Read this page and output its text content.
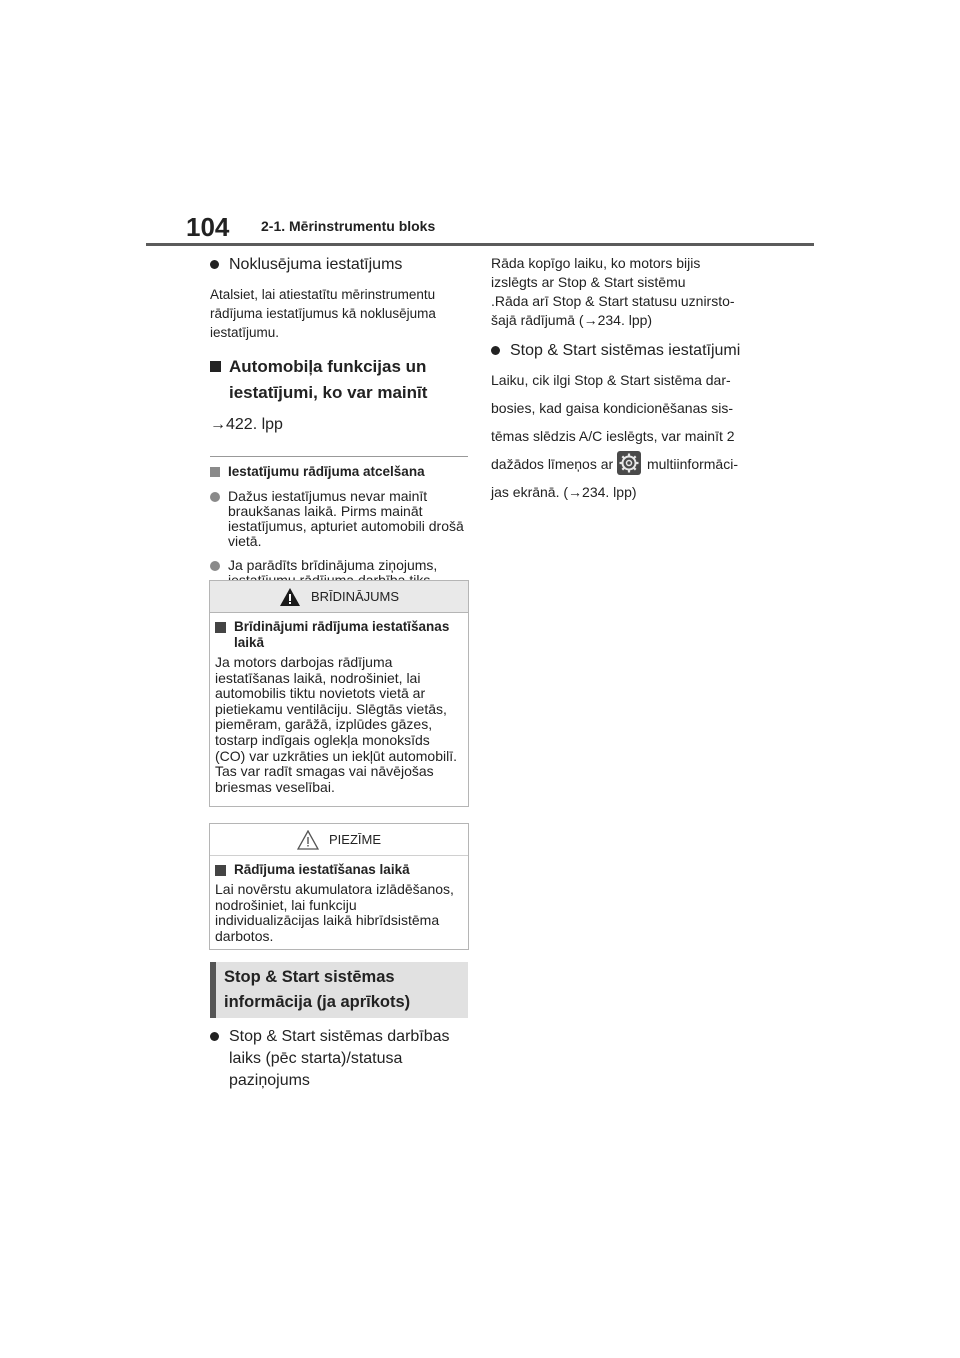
104 2-1. Mērinstrumentu bloks
Noklusējuma iestatījums
Atalsiet, lai atiestatītu mērinstrumentu rādījuma iestatījumus kā noklusējuma iestatījumu.
Automobiļa funkcijas un iestatījumi, ko var mainīt
→422. lpp
Iestatījumu rādījuma atcelšana
Dažus iestatījumus nevar mainīt braukšanas laikā. Pirms maināt iestatījumus, apturiet automobili drošā vietā.
Ja parādīts brīdinājuma ziņojums,
BRĪDINĀJUMS
Brīdinājumi rādījuma iestatīšanas laikā
Ja motors darbojas rādījuma iestatīšanas laikā, nodrošiniet, lai automobilis tiktu novietots vietā ar pietiekamu ventilāciju. Slēgtās vietās, piemēram, garāžā, izplūdes gāzes, tostarp indīgais oglekļa monoksīds (CO) var uzkrāties un iekļūt automobilī. Tas var radīt smagas vai nāvējošas briesmas veselībai.
PIEZĪME
Rādījuma iestatīšanas laikā
Lai novērstu akumulatora izlādēšanos, nodrošiniet, lai funkciju individualizācijas laikā hibrīdsistēma darbotos.
Stop & Start sistēmas informācija (ja aprīkots)
Stop & Start sistēmas darbības laiks (pēc starta)/statusa paziņojums
Rāda kopīgo laiku, ko motors bijis
izslēgts ar Stop & Start sistēmu
.Rāda arī Stop & Start statusu uznirsto-
šajā rādījumā (→234. lpp)
Stop & Start sistēmas iestatījumi
Laiku, cik ilgi Stop & Start sistēma dar-
bosies, kad gaisa kondicionēšanas sis-
tēmas slēdzis A/C ieslēgts, var mainīt 2
dažādos līmeņos ar multiinformāci-
jas ekrānā. (→234. lpp)
